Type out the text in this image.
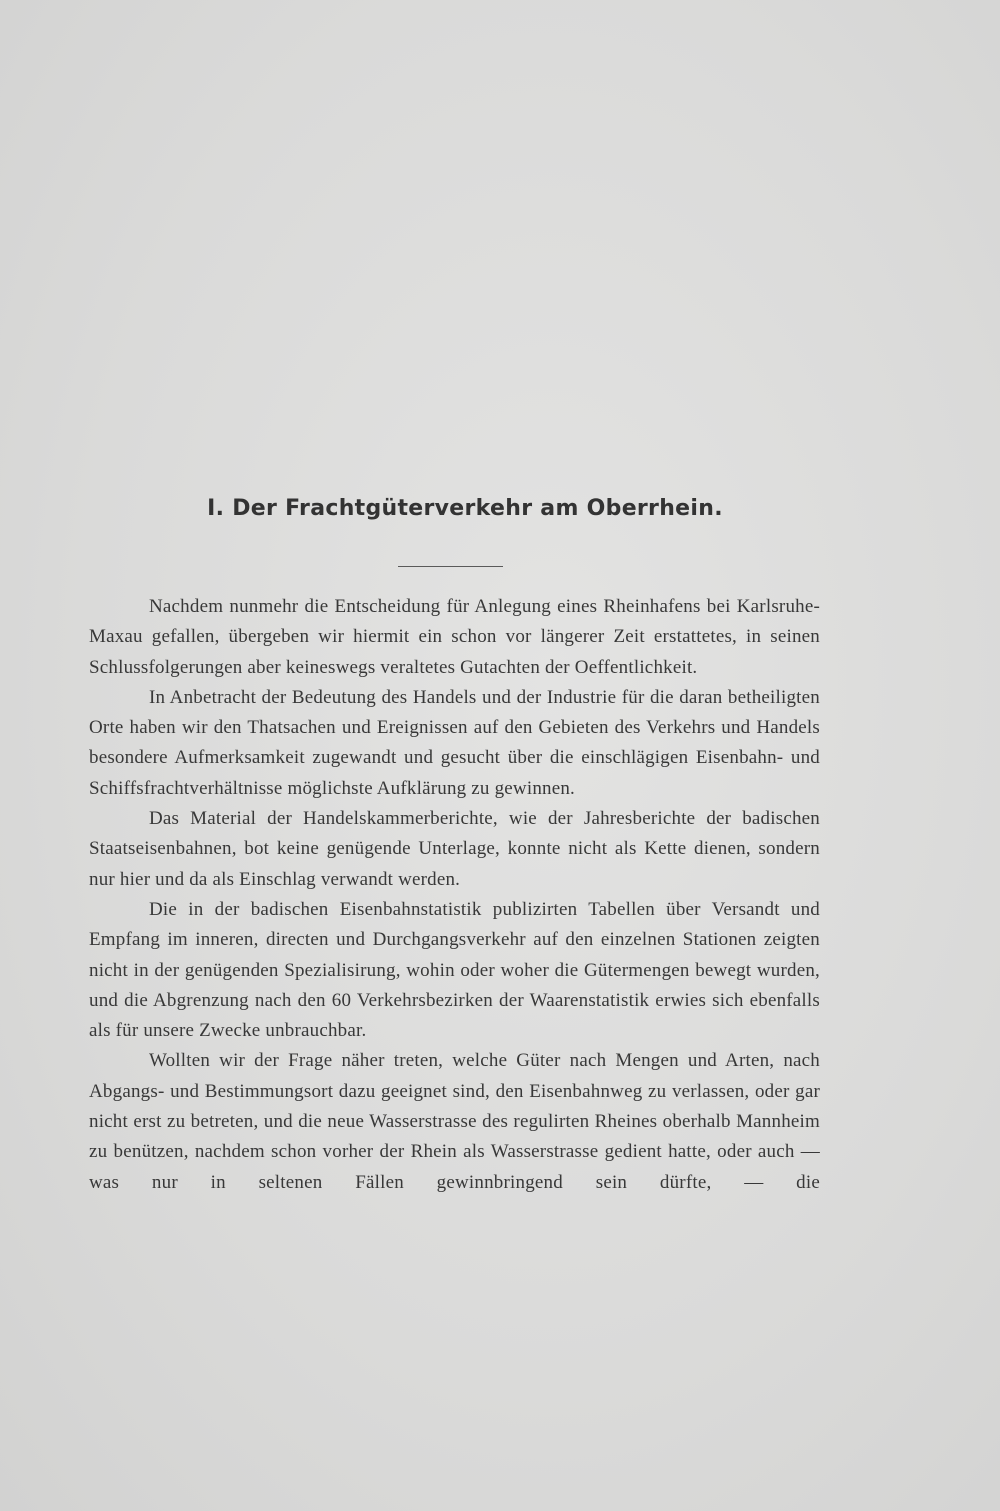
I. Der Frachtgüterverkehr am Oberrhein.

Nachdem nunmehr die Entscheidung für Anlegung eines Rheinhafens bei Karlsruhe-Maxau gefallen, übergeben wir hiermit ein schon vor längerer Zeit erstattetes, in seinen Schlussfolgerungen aber keineswegs veraltetes Gutachten der Oeffentlichkeit.

In Anbetracht der Bedeutung des Handels und der Industrie für die daran betheiligten Orte haben wir den Thatsachen und Ereignissen auf den Gebieten des Verkehrs und Handels besondere Aufmerksamkeit zugewandt und gesucht über die einschlägigen Eisenbahn- und Schiffsfrachtverhältnisse möglichste Aufklärung zu gewinnen.

Das Material der Handelskammerberichte, wie der Jahresberichte der badischen Staatseisenbahnen, bot keine genügende Unterlage, konnte nicht als Kette dienen, sondern nur hier und da als Einschlag verwandt werden.

Die in der badischen Eisenbahnstatistik publizirten Tabellen über Versandt und Empfang im inneren, directen und Durchgangsverkehr auf den einzelnen Stationen zeigten nicht in der genügenden Spezialisirung, wohin oder woher die Gütermengen bewegt wurden, und die Abgrenzung nach den 60 Verkehrsbezirken der Waarenstatistik erwies sich ebenfalls als für unsere Zwecke unbrauchbar.

Wollten wir der Frage näher treten, welche Güter nach Mengen und Arten, nach Abgangs- und Bestimmungsort dazu geeignet sind, den Eisenbahnweg zu verlassen, oder gar nicht erst zu betreten, und die neue Wasserstrasse des regulirten Rheines oberhalb Mannheim zu benützen, nachdem schon vorher der Rhein als Wasserstrasse gedient hatte, oder auch — was nur in seltenen Fällen gewinnbringend sein dürfte, — die
